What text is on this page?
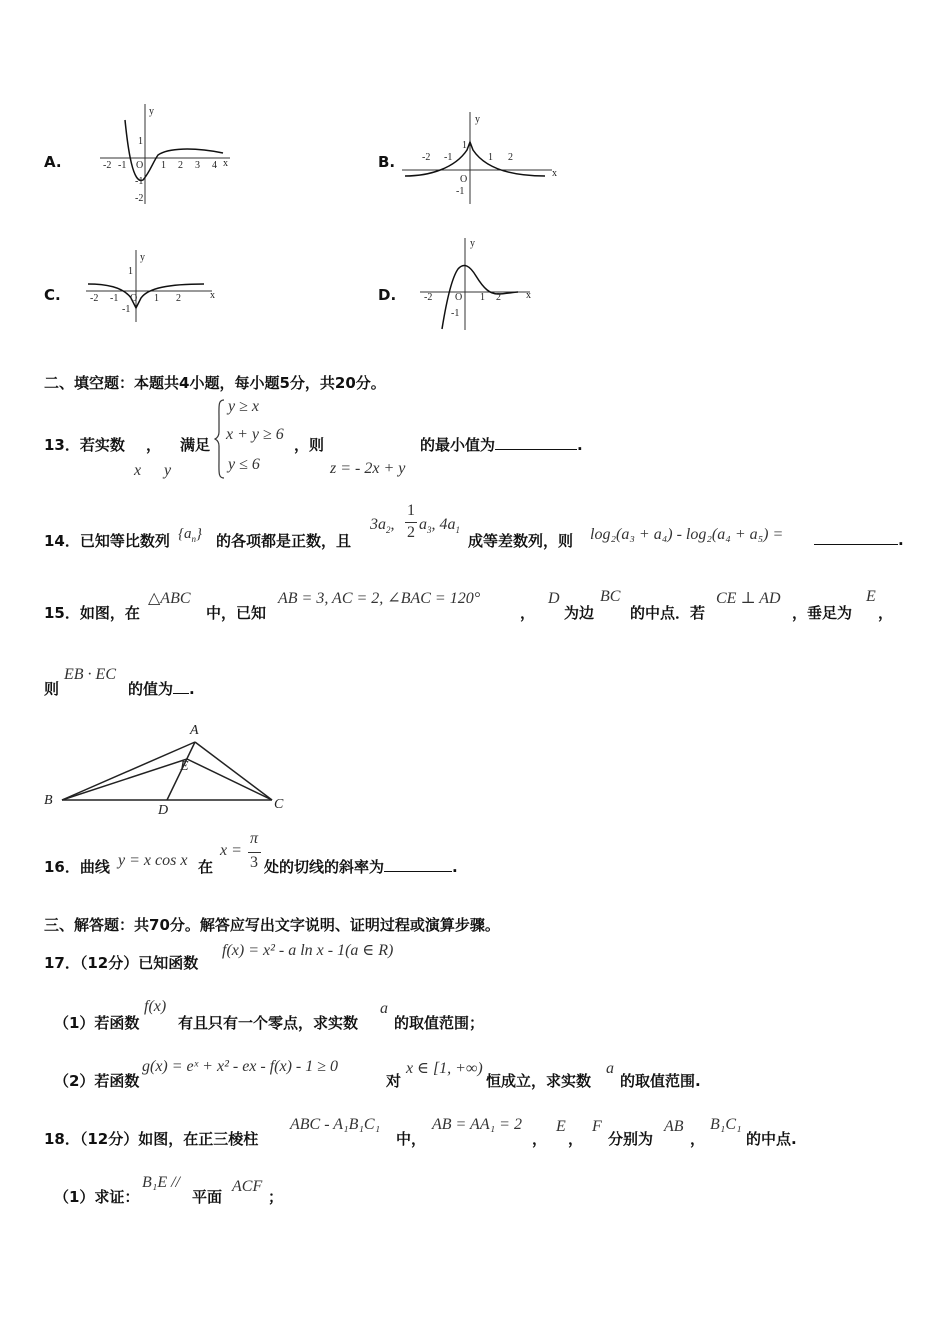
A.	-2 -1 O 1 2 3 4 x
y
1
-1
-2
B.	-2 -1	1 2
O
x
y
1
-1
C.	-2 -1 O 1 2	x
y
1
-1
D.	-2 O 1 2	x
y
-1
二、填空题：本题共4小题，每小题5分，共20分。
13．若实数 ， 满足
x y
y ≥ x
x + y ≥ 6
y ≤ 6
，则
z = - 2x + y
的最小值为	.
14．已知等比数列 $\{a_n\}$ 的各项都是正数，且
$3a_2$,
1
2 $a_3$, $4a_1$
成等差数列，则 log₂(a₃ + a₄) - log₂(a₄ + a₅) =	.
15．如图，在
△ABC
中，已知
AB = 3, AC = 2, ∠BAC = 120°
，
D
为边
BC
的中点．若
CE ⊥ AD
，垂足为
E
，
则
EB · EC
的值为 .
A
B	C
D
E
16．曲线 y = x cos x 在
x =
π
3 处的切线的斜率为	.
三、解答题：共70分。解答应写出文字说明、证明过程或演算步骤。
17．（12分）已知函数
f(x) = x² - a ln x - 1(a ∈ R)
（1）若函数
f(x)
有且只有一个零点，求实数
a
的取值范围；
（2）若函数
g(x) = eˣ + x² - ex - f(x) - 1 ≥ 0
对
x ∈ [1, +∞)
恒成立，求实数
a
的取值范围.
18．（12分）如图，在正三棱柱
ABC - A₁B₁C₁
中，
AB = AA₁ = 2
，
E
，
F
分别为
AB
，
B₁C₁
的中点.
（1）求证：
B₁E //
平面
ACF
；
